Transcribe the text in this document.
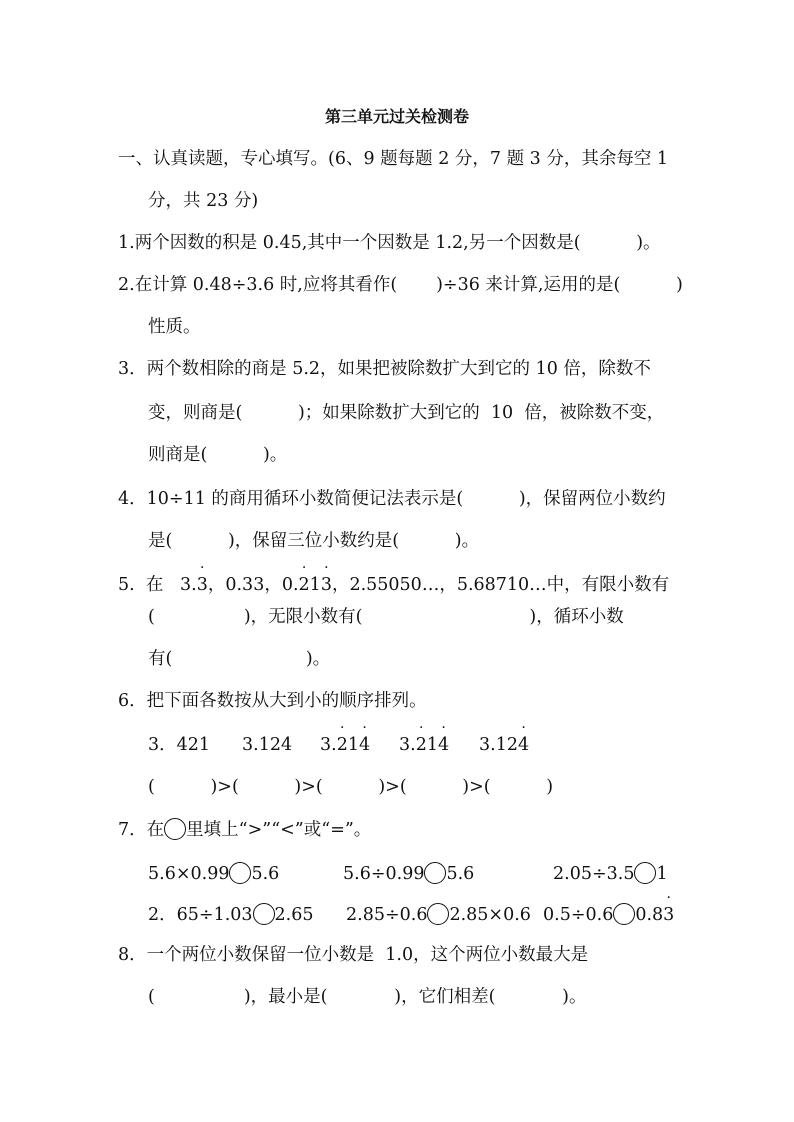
第三单元过关检测卷
一、认真读题，专心填写。(6、9 题每题 2 分，7 题 3 分，其余每空 1
分，共 23 分)
1.两个因数的积是 0.45,其中一个因数是 1.2,另一个因数是(          )。
2.在计算 0.48÷3.6 时,应将其看作(       )÷36 来计算,运用的是(          )
性质。
3．两个数相除的商是 5.2，如果把被除数扩大到它的 10 倍，除数不
变，则商是(          )；如果除数扩大到它的  10  倍，被除数不变，
则商是(          )。
4．10÷11 的商用循环小数简便记法表示是(          )，保留两位小数约
是(          )，保留三位小数约是(          )。
5.  在   3.3 ·，0.33，0.2 ·13 ·，2.55050…，5.68710…中，有限小数有
(                )，无限小数有(                              )，循环小数
有(                        )。
6．把下面各数按从大到小的顺序排列。
3．421 3.124 3.2 ·14 · 3.2 ·14 · 3.124 ·
(          )>(          )>(          )>(          )>(          )
7．在 里填上“>”“<”或“=”。
5.6×0.99 5.6	5.6÷0.99 5.6	2.05÷3.5 1
2．65÷1.03 2.65 2.85÷0.6 2.85×0.6 0.5÷0.6 0.83 ·
8．一个两位小数保留一位小数是  1.0，这个两位小数最大是
(                )，最小是(            )，它们相差(            )。
